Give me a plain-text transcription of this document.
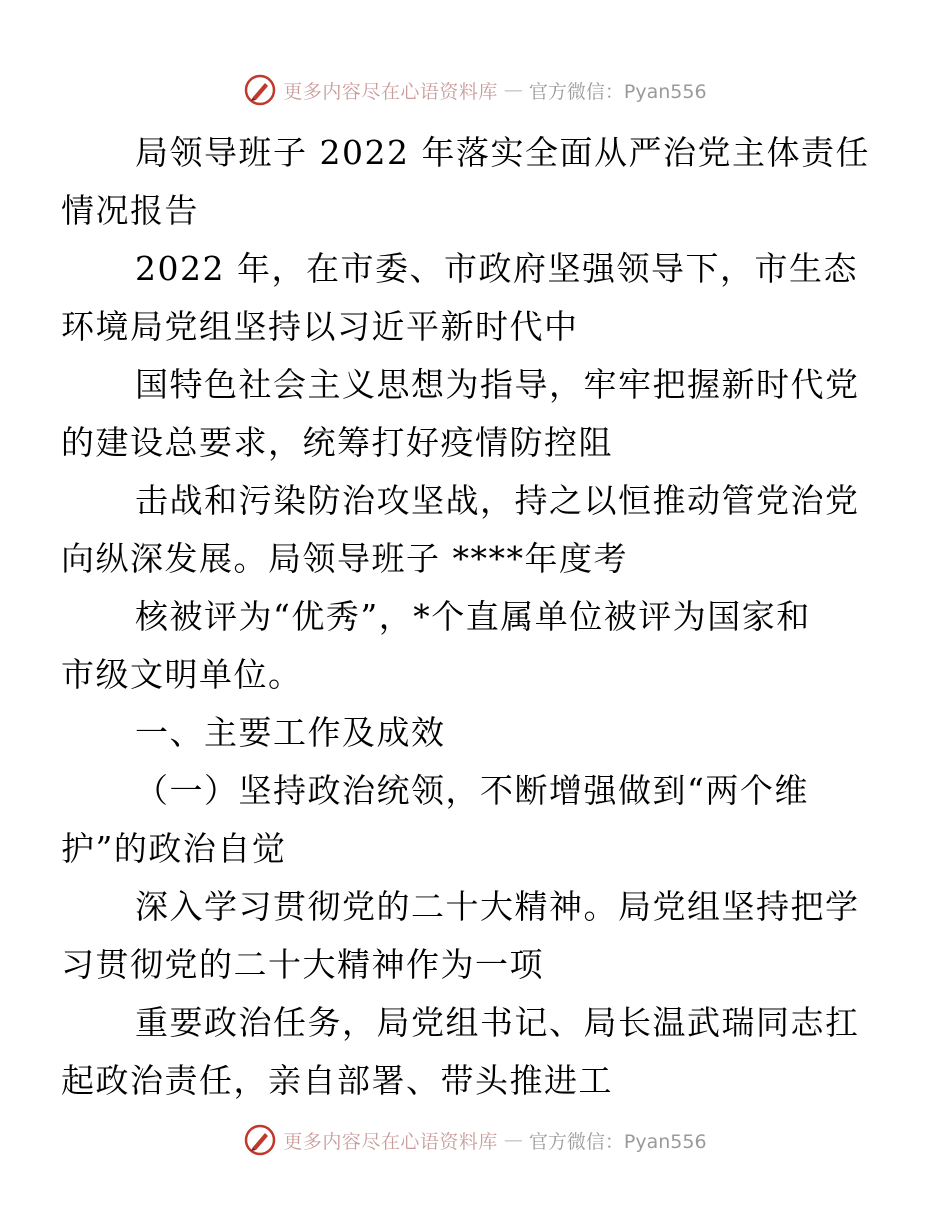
更多内容尽在心语资料库 — 官方微信：Pyan556

局领导班子 2022 年落实全面从严治党主体责任
情况报告

2022 年，在市委、市政府坚强领导下，市生态
环境局党组坚持以习近平新时代中

国特色社会主义思想为指导，牢牢把握新时代党
的建设总要求，统筹打好疫情防控阻

击战和污染防治攻坚战，持之以恒推动管党治党
向纵深发展。局领导班子 ****年度考

核被评为“优秀”，*个直属单位被评为国家和
市级文明单位。

一、主要工作及成效

（一）坚持政治统领，不断增强做到“两个维
护”的政治自觉

深入学习贯彻党的二十大精神。局党组坚持把学
习贯彻党的二十大精神作为一项

重要政治任务，局党组书记、局长温武瑞同志扛
起政治责任，亲自部署、带头推进工

更多内容尽在心语资料库 — 官方微信：Pyan556
